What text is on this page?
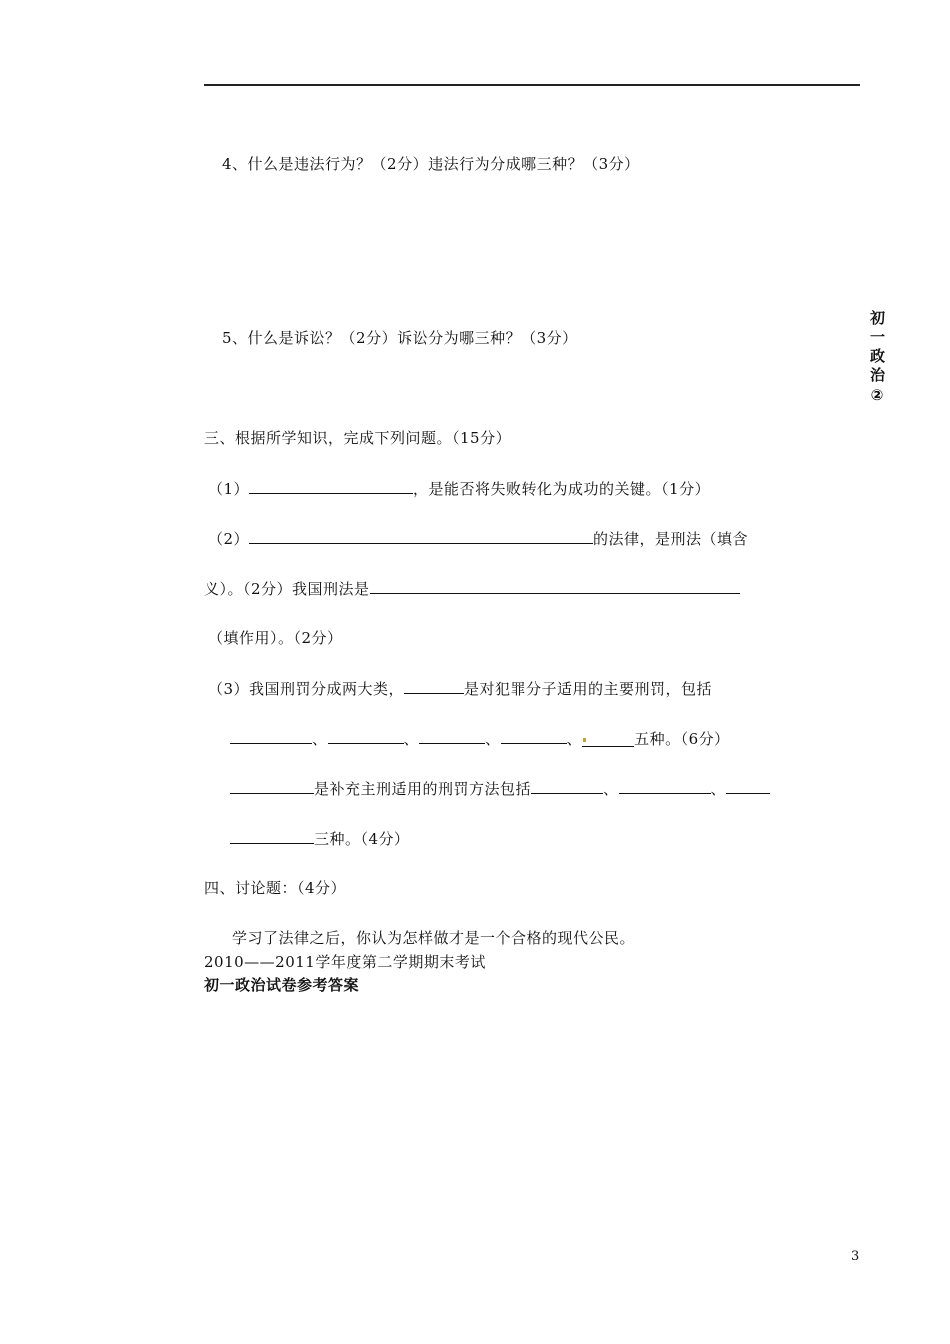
4、什么是违法行为？（2分）违法行为分成哪三种？（3分）
5、什么是诉讼？（2分）诉讼分为哪三种？（3分）	初一政治②
三、根据所学知识，完成下列问题。（15分）
（1）	，是能否将失败转化为成功的关键。（1分）
（2）	的法律，是刑法（填含
义）。（2分）我国刑法是
（填作用）。（2分）
（3）我国刑罚分成两大类，	是对犯罪分子适用的主要刑罚，包括
、	、	、	、	五种。（6分）
是补充主刑适用的刑罚方法包括	、	、
三种。（4分）
四、讨论题：（4分）
学习了法律之后，你认为怎样做才是一个合格的现代公民。
2010——2011学年度第二学期期末考试
初一政治试卷参考答案
3
